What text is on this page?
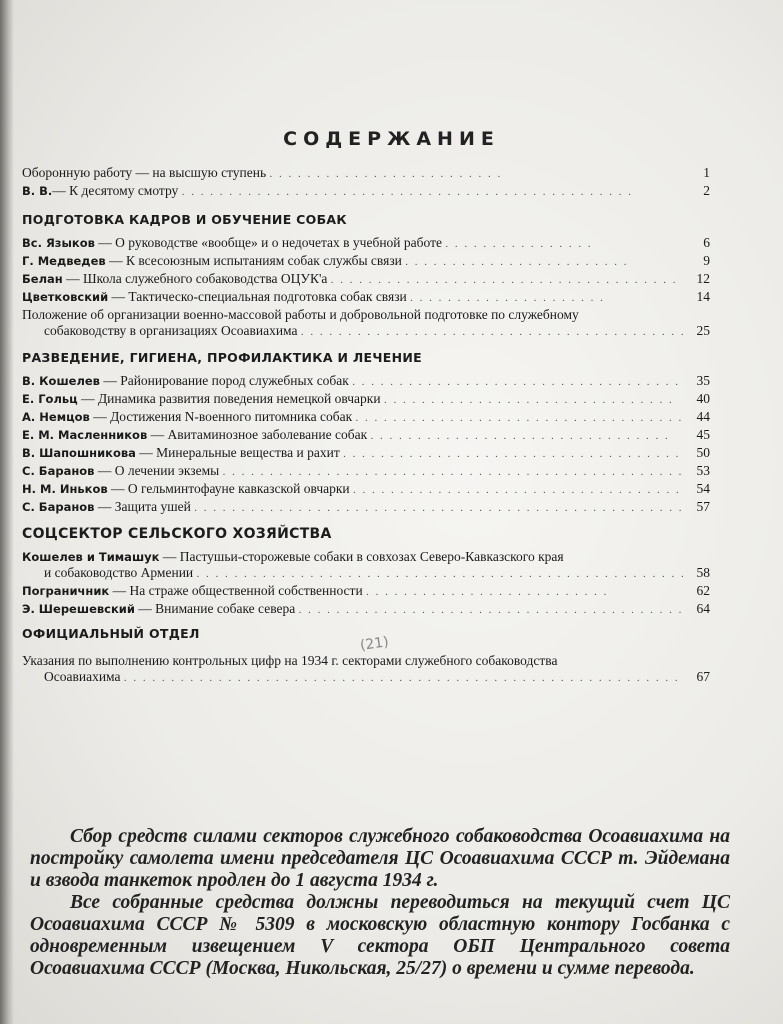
СОДЕРЖАНИЕ
Оборонную работу — на высшую ступень . . . . . . . . . . . . . . . . . . . . . . . . .	1
В. В.— К десятому смотру . . . . . . . . . . . . . . . . . . . . . . . . . . . . . . . . . . . . . . . . . . . . . . . .	2
ПОДГОТОВКА КАДРОВ И ОБУЧЕНИЕ СОБАК
Вс. Языков — О руководстве «вообще» и о недочетах в учебной работе . . . . . . . . . . . . . . . .	6
Г. Медведев — К всесоюзным испытаниям собак службы связи . . . . . . . . . . . . . . . . . . . . . . . .	9
Белан — Школа служебного собаководства ОЦУК'а . . . . . . . . . . . . . . . . . . . . . . . . . . . . . . . . . . . . . 12
Цветковский — Тактическо-специальная подготовка собак связи . . . . . . . . . . . . . . . . . . . . .	14
Положение об организации военно-массовой работы и добровольной подготовке по служебному
собаководству в организациях Осоавиахима . . . . . . . . . . . . . . . . . . . . . . . . . . . . . . . . . . . . . . . . . 25
РАЗВЕДЕНИЕ, ГИГИЕНА, ПРОФИЛАКТИКА И ЛЕЧЕНИЕ
В. Кошелев — Районирование пород служебных собак . . . . . . . . . . . . . . . . . . . . . . . . . . . . . . . . . . . 35
Е. Гольц — Динамика развития поведения немецкой овчарки . . . . . . . . . . . . . . . . . . . . . . . . . . . . . . . 40
А. Немцов — Достижения N-военного питомника собак . . . . . . . . . . . . . . . . . . . . . . . . . . . . . . . . . . . 44
Е. М. Масленников — Авитаминозное заболевание собак . . . . . . . . . . . . . . . . . . . . . . . . . . . . . . . . 45
В. Шапошникова — Минеральные вещества и рахит . . . . . . . . . . . . . . . . . . . . . . . . . . . . . . . . . . . . 50
С. Баранов — О лечении экземы . . . . . . . . . . . . . . . . . . . . . . . . . . . . . . . . . . . . . . . . . . . . . . . . . 53
Н. М. Иньков — О гельминтофауне кавказской овчарки . . . . . . . . . . . . . . . . . . . . . . . . . . . . . . . . . . . 54
С. Баранов — Защита ушей . . . . . . . . . . . . . . . . . . . . . . . . . . . . . . . . . . . . . . . . . . . . . . . . . . . . 57
СОЦСЕКТОР СЕЛЬСКОГО ХОЗЯЙСТВА
Кошелев и Тимашук — Пастушьи-сторожевые собаки в совхозах Северо-Кавказского края
и собаководство Армении . . . . . . . . . . . . . . . . . . . . . . . . . . . . . . . . . . . . . . . . . . . . . . . . . . . . 58
Пограничник — На страже общественной собственности . . . . . . . . . . . . . . . . . . . . . . . . . .	62
Э. Шерешевский — Внимание собаке севера . . . . . . . . . . . . . . . . . . . . . . . . . . . . . . . . . . . . . . . . . 64
ОФИЦИАЛЬНЫЙ ОТДЕЛ
(21)
Указания по выполнению контрольных цифр на 1934 г. секторами служебного собаководства
Осоавиахима . . . . . . . . . . . . . . . . . . . . . . . . . . . . . . . . . . . . . . . . . . . . . . . . . . . . . . . . . . . 67

Сбор средств силами секторов служебного собаководства Осоавиахима на постройку самолета имени председателя ЦС Осоавиахима СССР т. Эйдемана и взвода танкеток продлен до 1 августа 1934 г.

Все собранные средства должны переводиться на текущий счет ЦС Осоавиахима СССР № 5309 в московскую областную контору Госбанка с одновременным извещением V сектора ОБП Центрального совета Осоавиахима СССР (Москва, Никольская, 25/27) о времени и сумме перевода.
